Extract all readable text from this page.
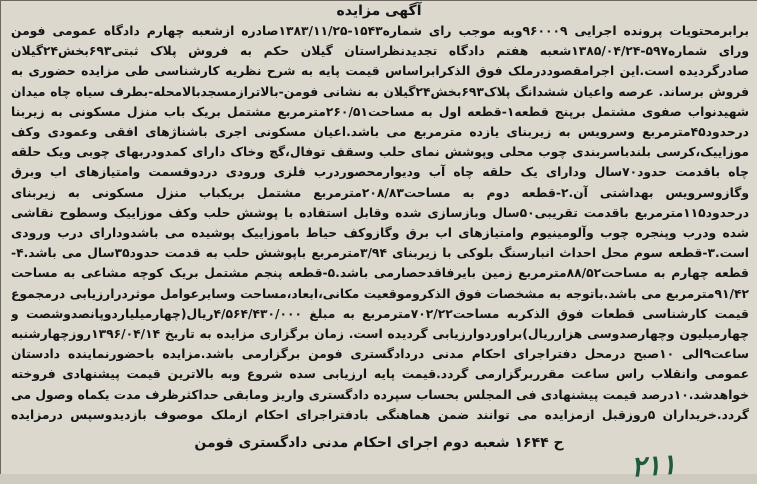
آگهی مزایده

برابرمحتویات پرونده اجرایی ۹۶۰۰۰۹وبه موجب رای شماره۱۵۴۳-۱۳۸۳/۱۱/۲۵صادره ازشعبه چهارم دادگاه عمومی فومن ورای شماره۵۹۷-۱۳۸۵/۰۴/۲۴شعبه هفتم دادگاه تجدیدنظراستان گیلان حکم به فروش پلاک ثبتی۶۹۳بخش۲۴گیلان صادرگردیده است.این اجرامقصوددرملک فوق الذکرابراساس قیمت پایه به شرح نظریه کارشناسی طی مزایده حضوری به فروش برساند. عرصه واعیان ششدانگ پلاک۶۹۳بخش۲۴گیلان به نشانی فومن-بالاترازمسجدبالامحله-بطرف سیاه چاه میدان شهیدنواب صفوی مشتمل برپنج قطعه۱-قطعه اول به مساحت۲۶۰/۵۱مترمربع مشتمل بریک باب منزل مسکونی به زیربنا درحدود۴۵مترمربع وسرویس به زیربنای یازده مترمربع می باشد.اعیان مسکونی اجری باشناژهای افقی وعمودی وکف موزاییک،کرسی بلندباسربندی چوب محلی وپوشش نمای حلب وسقف توفال،گچ وخاک دارای کمدودربهای چوبی ویک حلقه چاه باقدمت حدود۷۰سال ودارای یک حلقه چاه آب ودیوارمحصوردرب فلزی ورودی دردوقسمت وامتیازهای اب وبرق وگازوسرویس بهداشتی آن.۲-قطعه دوم به مساحت۲۰۸/۸۳مترمربع مشتمل بریکباب منزل مسکونی به زیربنای درحدود۱۱۵مترمربع باقدمت تقریبی۵۰سال وبازسازی شده وقابل استفاده با پوشش حلب وکف موزاییک وسطوح نقاشی شده ودرب وپنجره چوب وآلومینیوم وامتیازهای اب برق وگازوکف حیاط باموزاییک پوشیده می باشدودارای درب ورودی است.۳-قطعه سوم محل احداث انبارسنگ بلوکی با زیربنای ۳/۹۴مترمربع باپوشش حلب به قدمت حدود۳۵سال می باشد.۴-قطعه چهارم به مساحت۸۸/۵۲مترمربع زمین بایرفاقدحصارمی باشد.۵-قطعه پنجم مشتمل بریک کوچه مشاعی به مساحت ۹۱/۴۲مترمربع می باشد.باتوجه به مشخصات فوق الذکروموقعیت مکانی،ابعاد،مساحت وسایرعوامل موثردرارزیابی درمجموع قیمت کارشناسی قطعات فوق الذکربه مساحت۷۰۲/۲۲مترمربع به مبلغ ۴/۵۶۴/۴۳۰/۰۰۰ریال(چهارمیلیاردوپانصدوشصت و چهارمیلیون وچهارصدوسی هزارریال)براوردوارزیابی گردیده است. زمان برگزاری مزایده به تاریخ ۱۳۹۶/۰۴/۱۴روزچهارشنبه ساعت۹الی ۱۰صبح درمحل دفتراجرای احکام مدنی دردادگستری فومن برگزارمی باشد.مزایده باحضورنماینده دادستان عمومی وانقلاب راس ساعت مقرربرگزارمی گردد.قیمت پایه ارزیابی سده شروع وبه بالاترین قیمت پیشنهادی فروخته خواهدشد.۱۰درصد قیمت پیشنهادی فی المجلس بحساب سپرده دادگستری واریز ومابقی حداکثرظرف مدت یکماه وصول می گردد.خریداران ۵روزقبل ازمزایده می توانند ضمن هماهنگی بادفتراجرای احکام ازملک موصوف بازدیدوسپس درمزایده

ح ۱۶۴۴ شعبه دوم اجرای احکام مدنی دادگستری فومن
۲۱۱
